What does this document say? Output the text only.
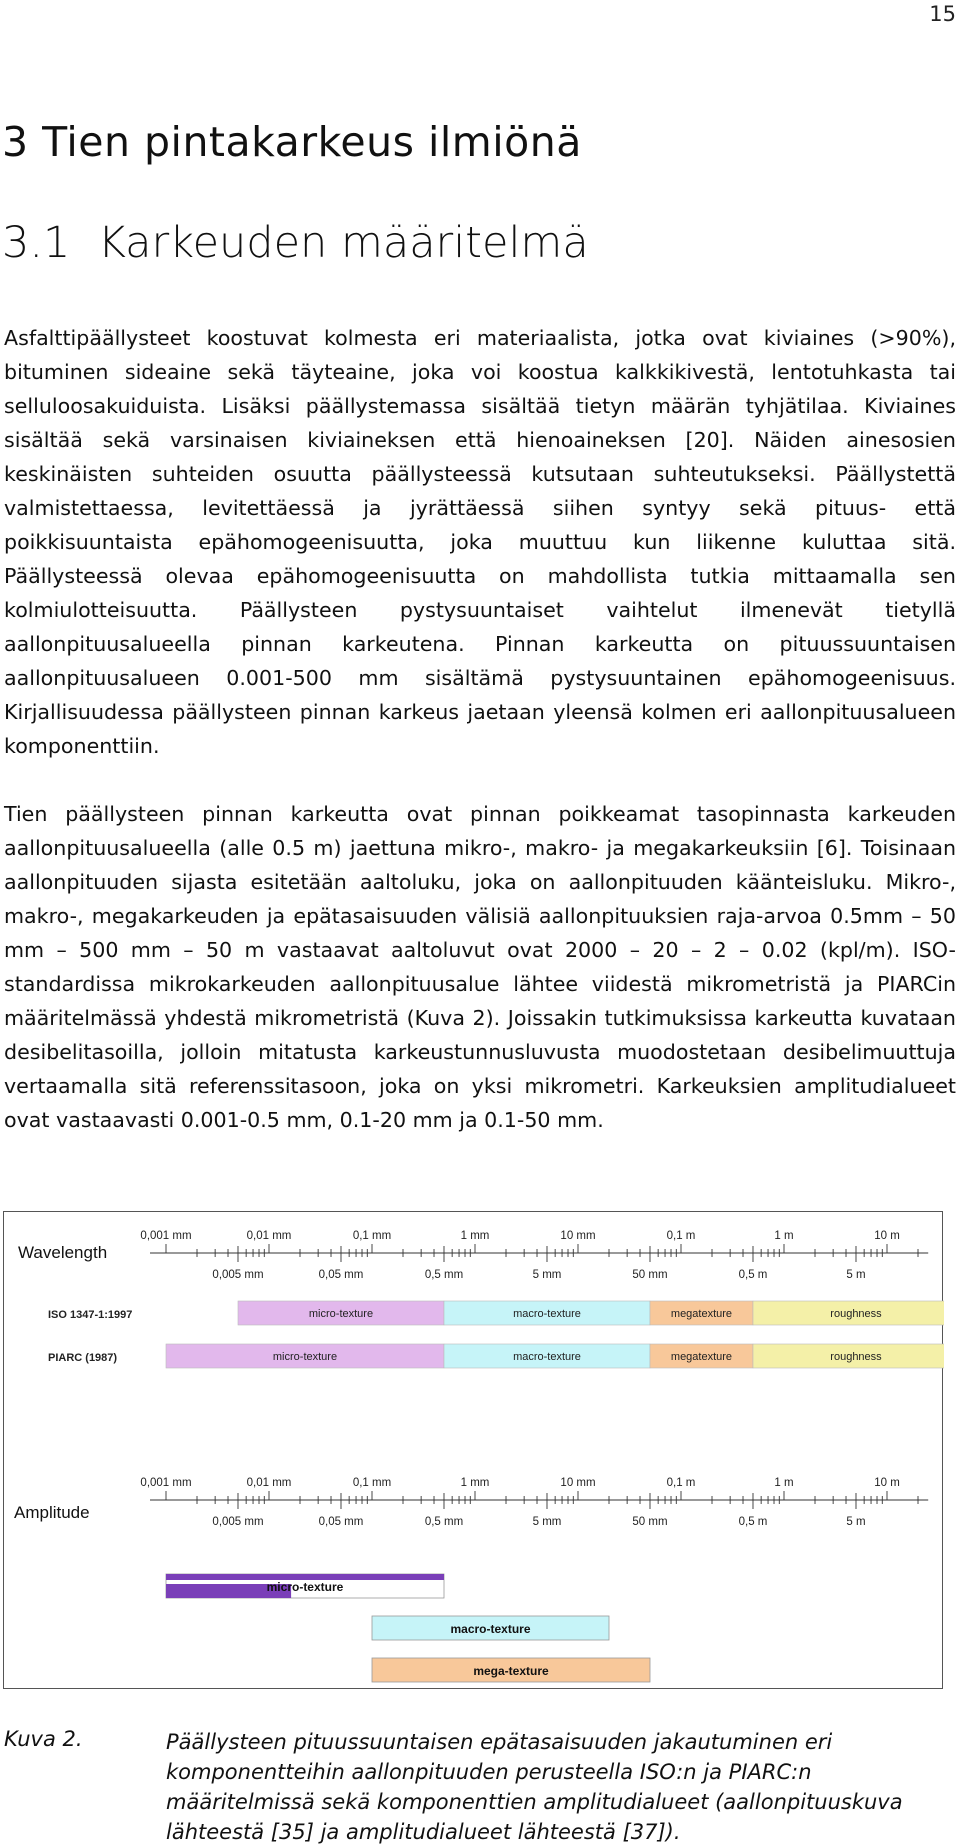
15
3 Tien pintakarkeus ilmiönä
3.1 Karkeuden määritelmä

Asfalttipäällysteet koostuvat kolmesta eri materiaalista, jotka ovat kiviaines (>90%), bituminen sideaine sekä täyteaine, joka voi koostua kalkkikivestä, lentotuhkasta tai selluloosakuiduista. Lisäksi päällystemassa sisältää tietyn määrän tyhjätilaa. Kiviaines sisältää sekä varsinaisen kiviaineksen että hienoaineksen [20]. Näiden ainesosien keskinäisten suhteiden osuutta päällysteessä kutsutaan suhteutukseksi. Päällystettä valmistettaessa, levitettäessä ja jyrättäessä siihen syntyy sekä pituus- että poikkisuuntaista epähomogeenisuutta, joka muuttuu kun liikenne kuluttaa sitä. Päällysteessä olevaa epähomogeenisuutta on mahdollista tutkia mittaamalla sen kolmiulotteisuutta. Päällysteen pystysuuntaiset vaihtelut ilmenevät tietyllä aallonpituusalueella pinnan karkeutena. Pinnan karkeutta on pituussuuntaisen aallonpituusalueen 0.001-500 mm sisältämä pystysuuntainen epähomogeenisuus. Kirjallisuudessa päällysteen pinnan karkeus jaetaan yleensä kolmen eri aallonpituusalueen komponenttiin.

Tien päällysteen pinnan karkeutta ovat pinnan poikkeamat tasopinnasta karkeuden aallonpituusalueella (alle 0.5 m) jaettuna mikro-, makro- ja megakarkeuksiin [6]. Toisinaan aallonpituuden sijasta esitetään aaltoluku, joka on aallonpituuden käänteisluku. Mikro-, makro-, megakarkeuden ja epätasaisuuden välisiä aallonpituuksien raja-arvoa 0.5mm – 50 mm – 500 mm – 50 m vastaavat aaltoluvut ovat 2000 – 20 – 2 – 0.02 (kpl/m). ISO-standardissa mikrokarkeuden aallonpituusalue lähtee viidestä mikrometristä ja PIARCin määritelmässä yhdestä mikrometristä (Kuva 2). Joissakin tutkimuksissa karkeutta kuvataan desibelitasoilla, jolloin mitatusta karkeustunnusluvusta muodostetaan desibelimuuttuja vertaamalla sitä referenssitasoon, joka on yksi mikrometri. Karkeuksien amplitudialueet ovat vastaavasti 0.001-0.5 mm, 0.1-20 mm ja 0.1-50 mm.

Wavelength
0,001 mm	0,01 mm	0,1 mm	1 mm	10 mm	0,1 m	1 m	10 m
0,005 mm	0,05 mm	0,5 mm	5 mm	50 mm	0,5 m	5 m
ISO 1347-1:1997	micro-texture	macro-texture	megatexture	roughness
PIARC (1987)	micro-texture	macro-texture	megatexture	roughness
Amplitude
0,001 mm	0,01 mm	0,1 mm	1 mm	10 mm	0,1 m	1 m	10 m
0,005 mm	0,05 mm	0,5 mm	5 mm	50 mm	0,5 m	5 m
micro-texture
macro-texture
mega-texture
Kuva 2.	Päällysteen pituussuuntaisen epätasaisuuden jakautuminen eri komponentteihin aallonpituuden perusteella ISO:n ja PIARC:n määritelmissä sekä komponenttien amplitudialueet (aallonpituuskuva lähteestä [35] ja amplitudialueet lähteestä [37]).
